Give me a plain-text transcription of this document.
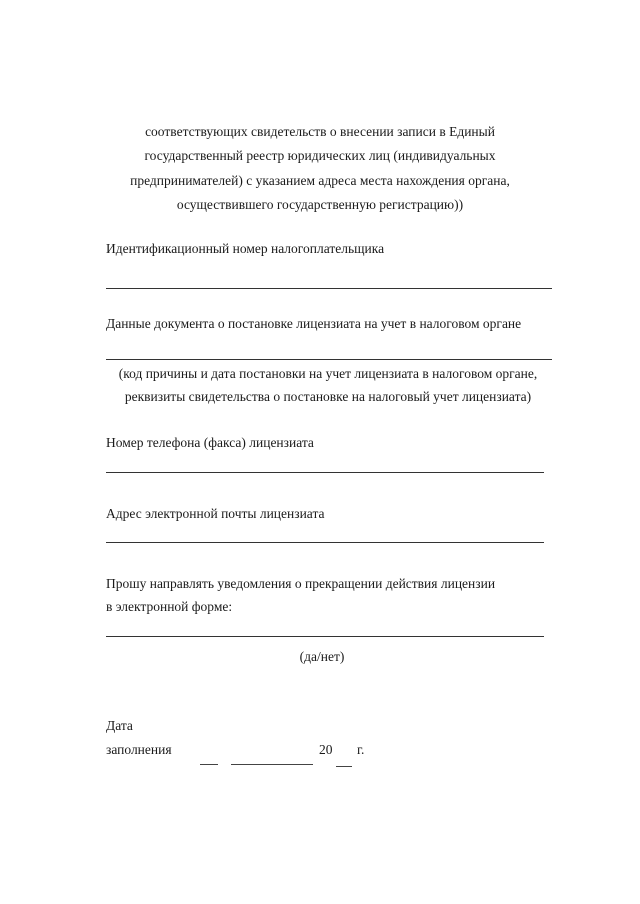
соответствующих свидетельств о внесении записи в Единый
государственный реестр юридических лиц (индивидуальных
предпринимателей) с указанием адреса места нахождения органа,
осуществившего государственную регистрацию))
Идентификационный номер налогоплательщика
Данные документа о постановке лицензиата на учет в налоговом органе
(код причины и дата постановки на учет лицензиата в налоговом органе,
реквизиты свидетельства о постановке на налоговый учет лицензиата)
Номер телефона (факса) лицензиата
Адрес электронной почты лицензиата
Прошу направлять уведомления о прекращении действия лицензии
в электронной форме:
(да/нет)
Дата
заполнения	20 г.
